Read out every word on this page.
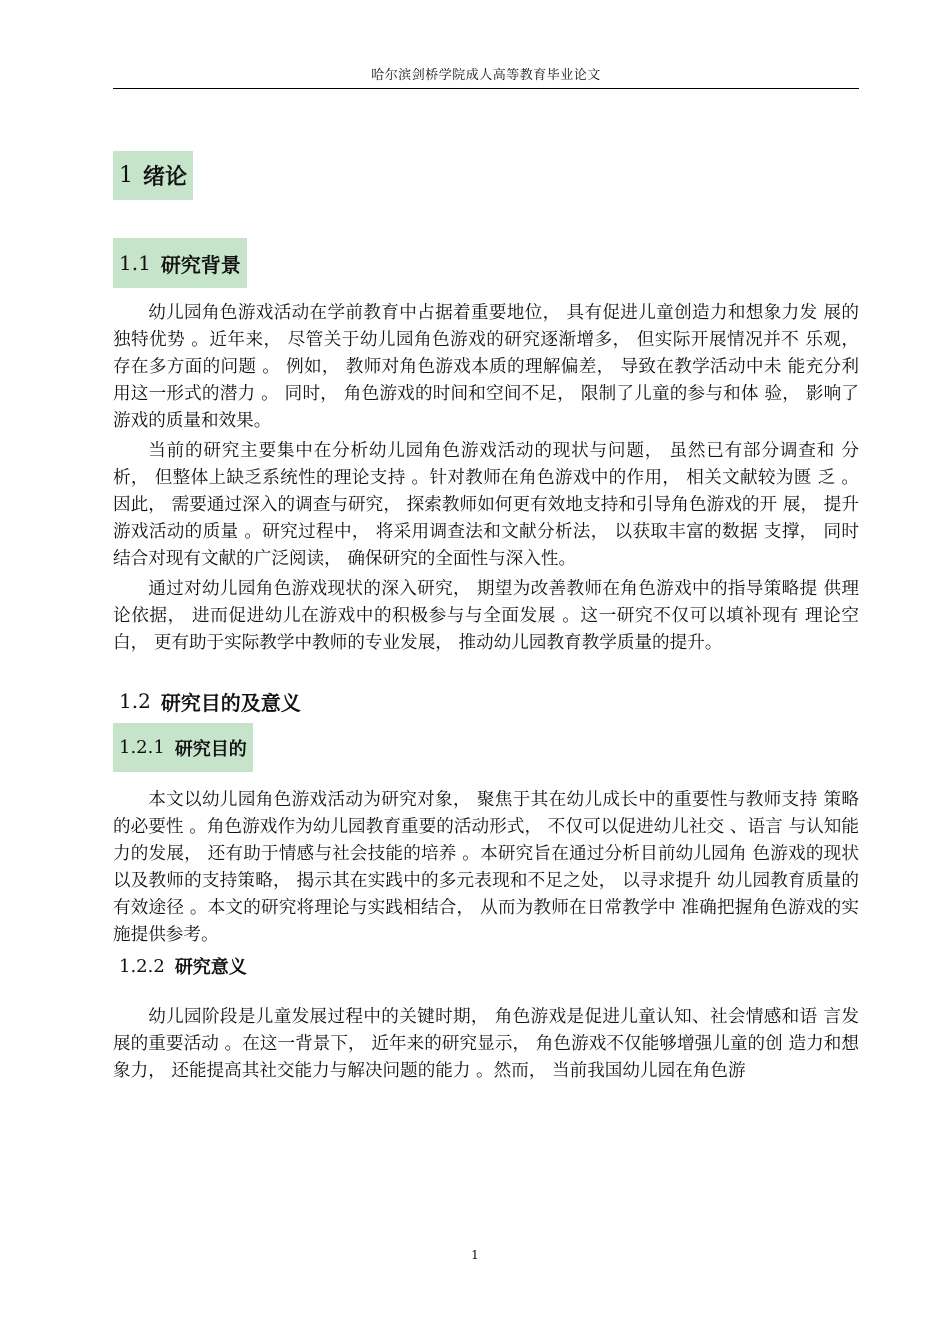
哈尔滨剑桥学院成人高等教育毕业论文
1 绪论
1.1 研究背景

幼儿园角色游戏活动在学前教育中占据着重要地位， 具有促进儿童创造力和想象力发 展的独特优势 。近年来， 尽管关于幼儿园角色游戏的研究逐渐增多， 但实际开展情况并不 乐观， 存在多方面的问题 。 例如， 教师对角色游戏本质的理解偏差， 导致在教学活动中未 能充分利用这一形式的潜力 。 同时， 角色游戏的时间和空间不足， 限制了儿童的参与和体 验， 影响了游戏的质量和效果。

当前的研究主要集中在分析幼儿园角色游戏活动的现状与问题， 虽然已有部分调查和 分析， 但整体上缺乏系统性的理论支持 。针对教师在角色游戏中的作用， 相关文献较为匮 乏 。 因此， 需要通过深入的调查与研究， 探索教师如何更有效地支持和引导角色游戏的开 展， 提升游戏活动的质量 。研究过程中， 将采用调查法和文献分析法， 以获取丰富的数据 支撑， 同时结合对现有文献的广泛阅读， 确保研究的全面性与深入性。

通过对幼儿园角色游戏现状的深入研究， 期望为改善教师在角色游戏中的指导策略提 供理论依据， 进而促进幼儿在游戏中的积极参与与全面发展 。这一研究不仅可以填补现有 理论空白， 更有助于实际教学中教师的专业发展， 推动幼儿园教育教学质量的提升。

1.2 研究目的及意义
1.2.1 研究目的

本文以幼儿园角色游戏活动为研究对象， 聚焦于其在幼儿成长中的重要性与教师支持 策略的必要性 。角色游戏作为幼儿园教育重要的活动形式， 不仅可以促进幼儿社交 、语言 与认知能力的发展， 还有助于情感与社会技能的培养 。本研究旨在通过分析目前幼儿园角 色游戏的现状以及教师的支持策略， 揭示其在实践中的多元表现和不足之处， 以寻求提升 幼儿园教育质量的有效途径 。本文的研究将理论与实践相结合， 从而为教师在日常教学中 准确把握角色游戏的实施提供参考。

1.2.2 研究意义

幼儿园阶段是儿童发展过程中的关键时期， 角色游戏是促进儿童认知、社会情感和语 言发展的重要活动 。在这一背景下， 近年来的研究显示， 角色游戏不仅能够增强儿童的创 造力和想象力， 还能提高其社交能力与解决问题的能力 。然而， 当前我国幼儿园在角色游

1
